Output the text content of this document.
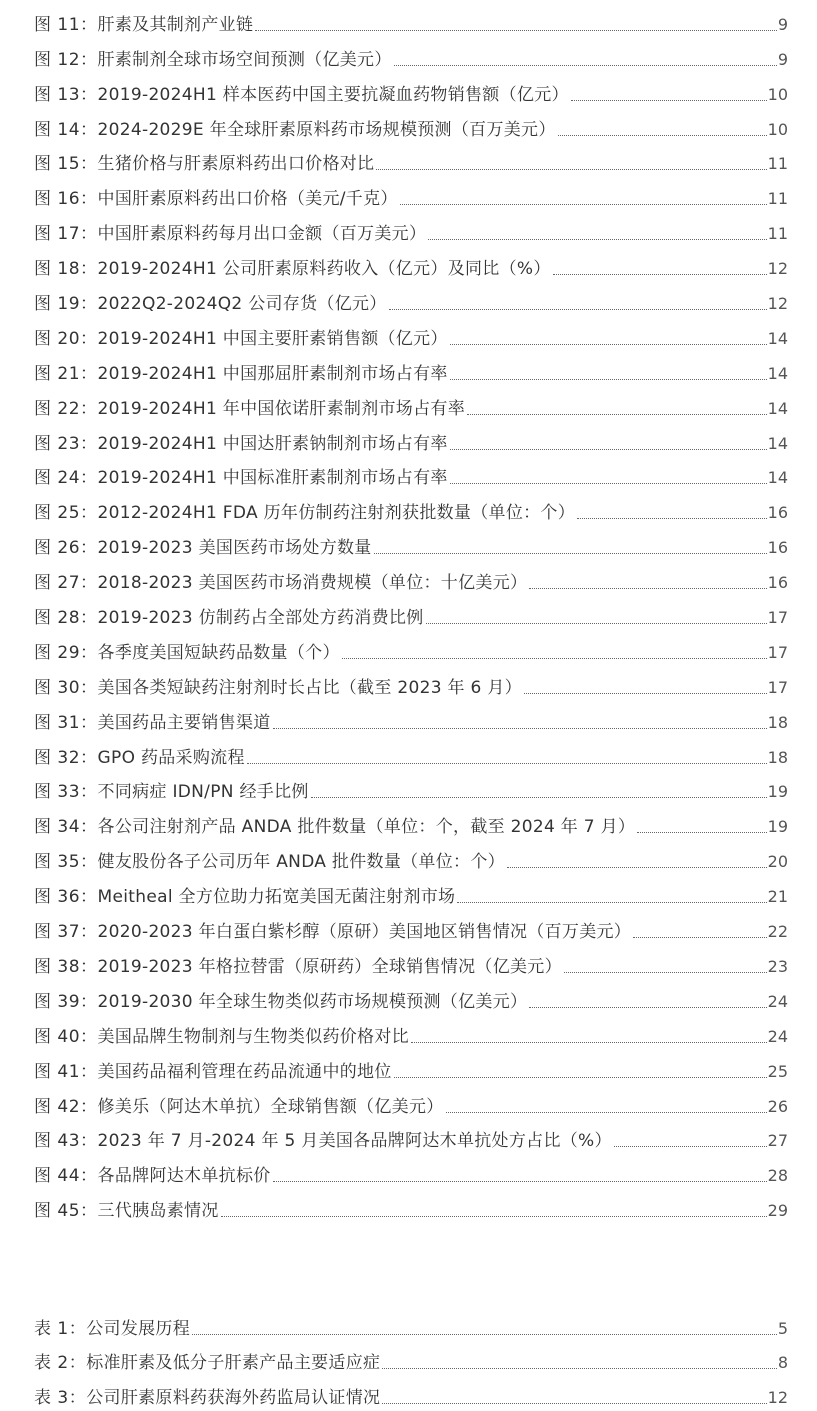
图 11： 肝素及其制剂产业链	9
图 12： 肝素制剂全球市场空间预测（亿美元）	9
图 13： 2019-2024H1 样本医药中国主要抗凝血药物销售额（亿元）	10
图 14： 2024-2029E 年全球肝素原料药市场规模预测（百万美元）	10
图 15： 生猪价格与肝素原料药出口价格对比	11
图 16： 中国肝素原料药出口价格（美元/千克）	11
图 17： 中国肝素原料药每月出口金额（百万美元）	11
图 18： 2019-2024H1 公司肝素原料药收入（亿元）及同比（%）	12
图 19： 2022Q2-2024Q2 公司存货（亿元）	12
图 20： 2019-2024H1 中国主要肝素销售额（亿元）	14
图 21： 2019-2024H1 中国那屈肝素制剂市场占有率	14
图 22： 2019-2024H1 年中国依诺肝素制剂市场占有率	14
图 23： 2019-2024H1 中国达肝素钠制剂市场占有率	14
图 24： 2019-2024H1 中国标准肝素制剂市场占有率	14
图 25： 2012-2024H1 FDA 历年仿制药注射剂获批数量（单位：个）	16
图 26： 2019-2023 美国医药市场处方数量	16
图 27： 2018-2023 美国医药市场消费规模（单位：十亿美元）	16
图 28： 2019-2023 仿制药占全部处方药消费比例	17
图 29： 各季度美国短缺药品数量（个）	17
图 30： 美国各类短缺药注射剂时长占比（截至 2023 年 6 月）	17
图 31： 美国药品主要销售渠道	18
图 32： GPO 药品采购流程	18
图 33： 不同病症 IDN/PN 经手比例	19
图 34： 各公司注射剂产品 ANDA 批件数量（单位：个，截至 2024 年 7 月）	19
图 35： 健友股份各子公司历年 ANDA 批件数量（单位：个）	20
图 36： Meitheal 全方位助力拓宽美国无菌注射剂市场	21
图 37： 2020-2023 年白蛋白紫杉醇（原研）美国地区销售情况（百万美元）	22
图 38： 2019-2023 年格拉替雷（原研药）全球销售情况（亿美元）	23
图 39： 2019-2030 年全球生物类似药市场规模预测（亿美元）	24
图 40： 美国品牌生物制剂与生物类似药价格对比	24
图 41： 美国药品福利管理在药品流通中的地位	25
图 42： 修美乐（阿达木单抗）全球销售额（亿美元）	26
图 43： 2023 年 7 月-2024 年 5 月美国各品牌阿达木单抗处方占比（%）	27
图 44： 各品牌阿达木单抗标价	28
图 45： 三代胰岛素情况	29
表 1： 公司发展历程	5
表 2： 标准肝素及低分子肝素产品主要适应症	8
表 3： 公司肝素原料药获海外药监局认证情况	12
